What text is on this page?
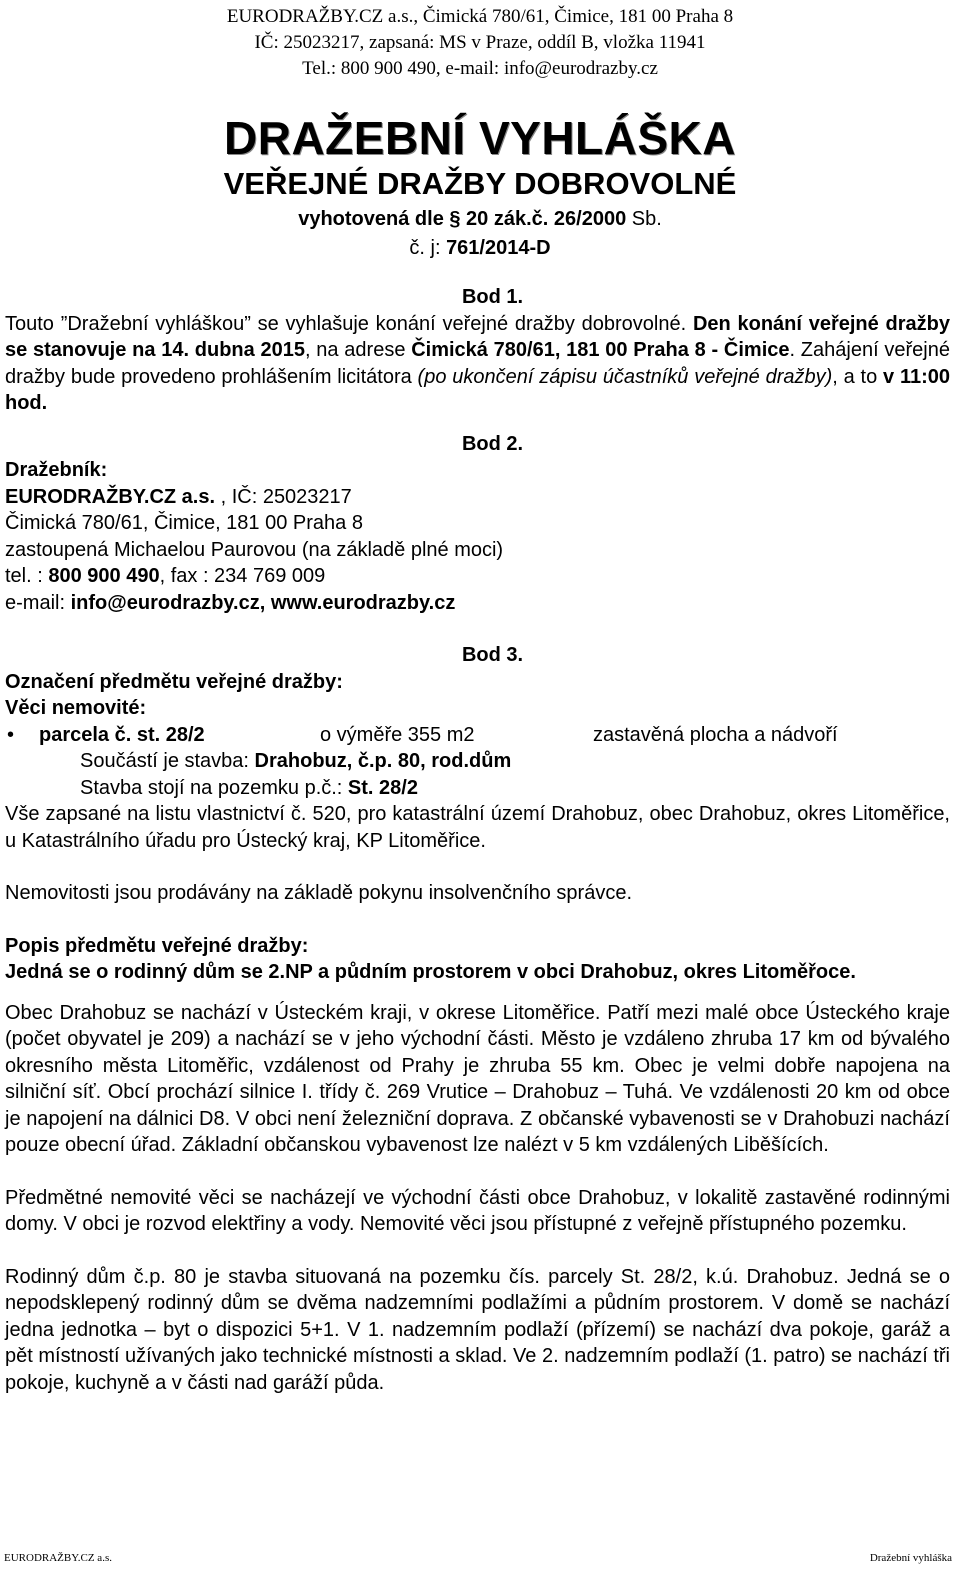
EURODRAŽBY.CZ a.s., Čimická 780/61, Čimice, 181 00 Praha 8
IČ: 25023217, zapsaná: MS v Praze, oddíl B, vložka 11941
Tel.: 800 900 490, e-mail: info@eurodrazby.cz
DRAŽEBNÍ VYHLÁŠKA
VEŘEJNÉ DRAŽBY DOBROVOLNÉ
vyhotovená dle § 20 zák.č. 26/2000 Sb.
č. j: 761/2014-D
Bod 1.

Touto ”Dražební vyhláškou” se vyhlašuje konání veřejné dražby dobrovolné. Den konání veřejné dražby se stanovuje na 14. dubna 2015, na adrese Čimická 780/61, 181 00 Praha 8 - Čimice. Zahájení veřejné dražby bude provedeno prohlášením licitátora (po ukončení zápisu účastníků veřejné dražby), a to v 11:00 hod.

Bod 2.

Dražebník:

EURODRAŽBY.CZ a.s. , IČ: 25023217

Čimická 780/61, Čimice, 181 00 Praha 8

zastoupená Michaelou Paurovou (na základě plné moci)

tel. : 800 900 490, fax : 234 769 009

e-mail: info@eurodrazby.cz, www.eurodrazby.cz

Bod 3.

Označení předmětu veřejné dražby:

Věci nemovité:

• parcela č. st. 28/2	o výměře 355 m2	zastavěná plocha a nádvoří

Součástí je stavba: Drahobuz, č.p. 80, rod.dům

Stavba stojí na pozemku p.č.: St. 28/2

Vše zapsané na listu vlastnictví č. 520, pro katastrální území Drahobuz, obec Drahobuz, okres Litoměřice, u Katastrálního úřadu pro Ústecký kraj, KP Litoměřice.

Nemovitosti jsou prodávány na základě pokynu insolvenčního správce.

Popis předmětu veřejné dražby:

Jedná se o rodinný dům se 2.NP a půdním prostorem v obci Drahobuz, okres Litoměřoce.

Obec Drahobuz se nachází v Ústeckém kraji, v okrese Litoměřice. Patří mezi malé obce Ústeckého kraje (počet obyvatel je 209) a nachází se v jeho východní části. Město je vzdáleno zhruba 17 km od bývalého okresního města Litoměřic, vzdálenost od Prahy je zhruba 55 km. Obec je velmi dobře napojena na silniční síť. Obcí prochází silnice I. třídy č. 269 Vrutice – Drahobuz – Tuhá. Ve vzdálenosti 20 km od obce je napojení na dálnici D8. V obci není železniční doprava. Z občanské vybavenosti se v Drahobuzi nachází pouze obecní úřad. Základní občanskou vybavenost lze nalézt v 5 km vzdálených Liběšících.

Předmětné nemovité věci se nacházejí ve východní části obce Drahobuz, v lokalitě zastavěné rodinnými domy. V obci je rozvod elektřiny a vody. Nemovité věci jsou přístupné z veřejně přístupného pozemku.

Rodinný dům č.p. 80 je stavba situovaná na pozemku čís. parcely St. 28/2, k.ú. Drahobuz. Jedná se o nepodsklepený rodinný dům se dvěma nadzemními podlažími a půdním prostorem. V domě se nachází jedna jednotka – byt o dispozici 5+1. V 1. nadzemním podlaží (přízemí) se nachází dva pokoje, garáž a pět místností užívaných jako technické místnosti a sklad. Ve 2. nadzemním podlaží (1. patro) se nachází tři pokoje, kuchyně a v části nad garáží půda.

EURODRAŽBY.CZ a.s.	Dražební vyhláška
